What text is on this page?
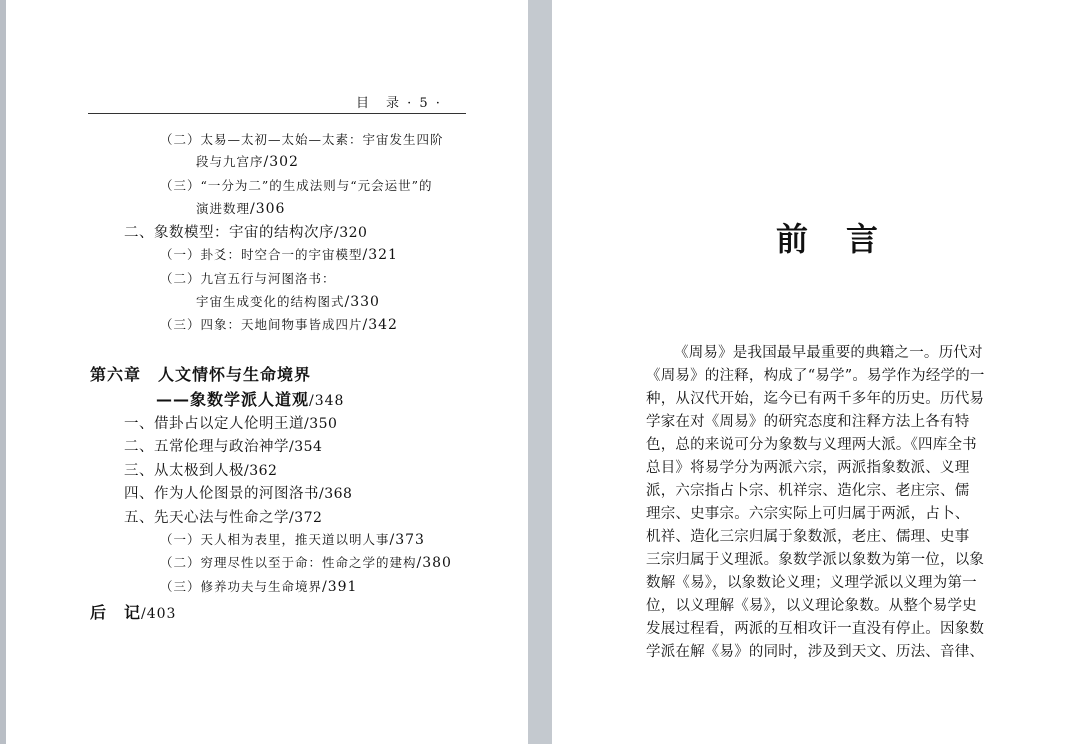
目　录 · 5 ·
（二）太易—太初—太始—太素：宇宙发生四阶
段与九宫序/302
（三）“一分为二”的生成法则与“元会运世”的
演进数理/306
二、象数模型：宇宙的结构次序/320
（一）卦爻：时空合一的宇宙模型/321
（二）九宫五行与河图洛书：
宇宙生成变化的结构图式/330
（三）四象：天地间物事皆成四片/342
第六章　人文情怀与生命境界
——象数学派人道观/348
一、借卦占以定人伦明王道/350
二、五常伦理与政治神学/354
三、从太极到人极/362
四、作为人伦图景的河图洛书/368
五、先天心法与性命之学/372
（一）天人相为表里，推天道以明人事/373
（二）穷理尽性以至于命：性命之学的建构/380
（三）修养功夫与生命境界/391
后　记/403
前言
《周易》是我国最早最重要的典籍之一。历代对
《周易》的注释，构成了“易学”。易学作为经学的一
种，从汉代开始，迄今已有两千多年的历史。历代易
学家在对《周易》的研究态度和注释方法上各有特
色，总的来说可分为象数与义理两大派。《四库全书
总目》将易学分为两派六宗，两派指象数派、义理
派，六宗指占卜宗、机祥宗、造化宗、老庄宗、儒
理宗、史事宗。六宗实际上可归属于两派，占卜、
机祥、造化三宗归属于象数派，老庄、儒理、史事
三宗归属于义理派。象数学派以象数为第一位，以象
数解《易》，以象数论义理；义理学派以义理为第一
位，以义理解《易》，以义理论象数。从整个易学史
发展过程看，两派的互相攻讦一直没有停止。因象数
学派在解《易》的同时，涉及到天文、历法、音律、
